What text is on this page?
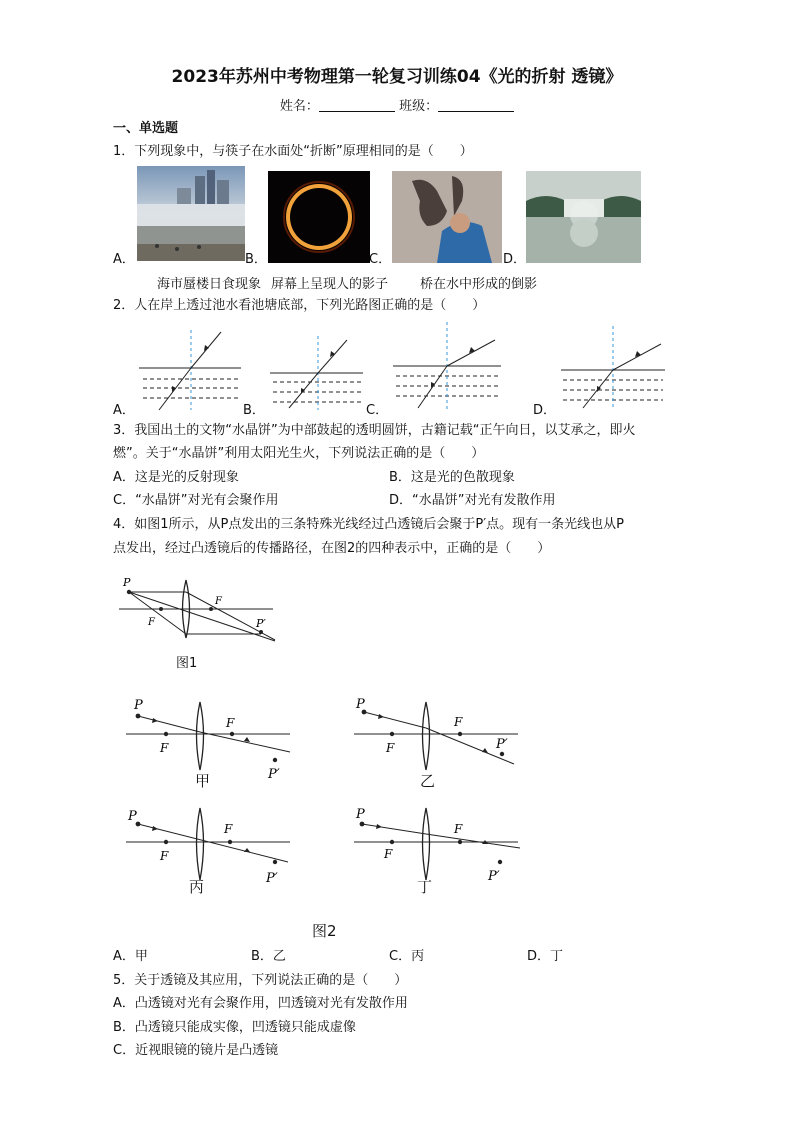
2023年苏州中考物理第一轮复习训练04《光的折射 透镜》
姓名：	班级：
一、单选题
1．下列现象中，与筷子在水面处“折断”原理相同的是（　　）
A．	B．	C．	D．
海市蜃楼 日食现象 屏幕上呈现人的影子 桥在水中形成的倒影
2．人在岸上透过池水看池塘底部，下列光路图正确的是（　　）
A．	B．	C．	D．
3．我国出土的文物“水晶饼”为中部鼓起的透明圆饼，古籍记载“正午向日，以艾承之，即火
燃”。关于“水晶饼”利用太阳光生火，下列说法正确的是（　　）
A．这是光的反射现象	B．这是光的色散现象
C．“水晶饼”对光有会聚作用	D．“水晶饼”对光有发散作用
4．如图1所示，从P点发出的三条特殊光线经过凸透镜后会聚于P′点。现有一条光线也从P
点发出，经过凸透镜后的传播路径，在图2的四种表示中，正确的是（　　）
P
F
F	P′
图1
P
F
F
P′
甲
P
F
F	P′
乙
P
F
F
P′
丙
P
F
F
P′
丁
图2
A．甲	B．乙	C．丙	D．丁
5．关于透镜及其应用，下列说法正确的是（　　）
A．凸透镜对光有会聚作用，凹透镜对光有发散作用
B．凸透镜只能成实像，凹透镜只能成虚像
C．近视眼镜的镜片是凸透镜
